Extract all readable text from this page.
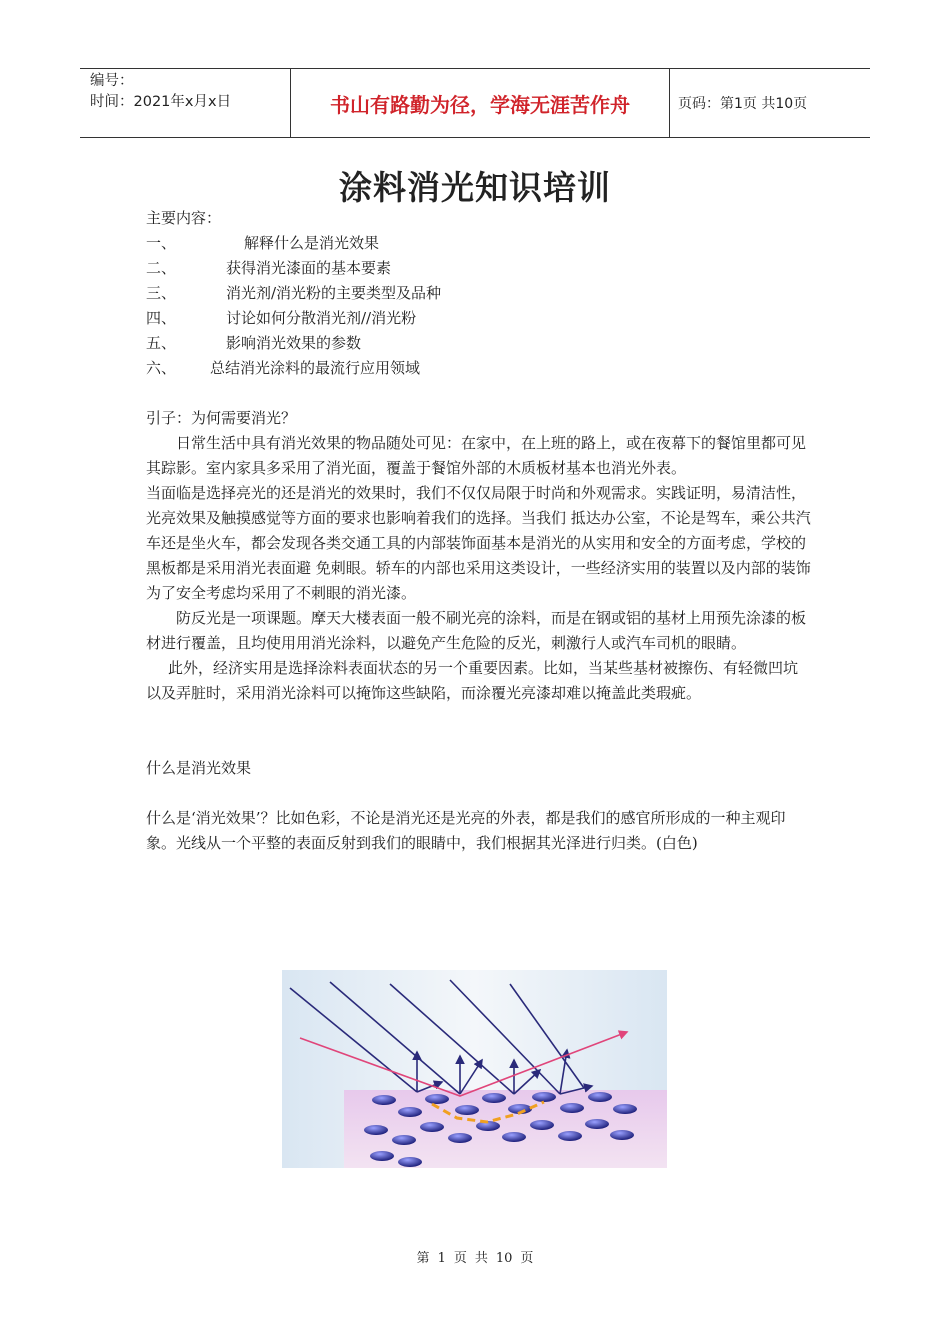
编号：
时间：2021年x月x日	书山有路勤为径，学海无涯苦作舟	页码：第1页 共10页
涂料消光知识培训

主要内容：

一、	解释什么是消光效果
二、	获得消光漆面的基本要素
三、	消光剂/消光粉的主要类型及品种
四、	讨论如何分散消光剂//消光粉
五、	影响消光效果的参数
六、	总结消光涂料的最流行应用领域

引子：为何需要消光？

日常生活中具有消光效果的物品随处可见：在家中，在上班的路上，或在夜幕下的餐馆里都可见其踪影。室内家具多采用了消光面，覆盖于餐馆外部的木质板材基本也消光外表。

当面临是选择亮光的还是消光的效果时，我们不仅仅局限于时尚和外观需求。实践证明，易清洁性，光亮效果及触摸感觉等方面的要求也影响着我们的选择。当我们 抵达办公室，不论是驾车，乘公共汽车还是坐火车，都会发现各类交通工具的内部装饰面基本是消光的从实用和安全的方面考虑，学校的黑板都是采用消光表面避 免刺眼。轿车的内部也采用这类设计，一些经济实用的装置以及内部的装饰为了安全考虑均采用了不刺眼的消光漆。

防反光是一项课题。摩天大楼表面一般不刷光亮的涂料，而是在钢或铝的基材上用预先涂漆的板材进行覆盖，且均使用用消光涂料，以避免产生危险的反光，刺激行人或汽车司机的眼睛。

此外，经济实用是选择涂料表面状态的另一个重要因素。比如，当某些基材被擦伤、有轻微凹坑以及弄脏时，采用消光涂料可以掩饰这些缺陷，而涂覆光亮漆却难以掩盖此类瑕疵。

什么是消光效果

什么是‘消光效果’？比如色彩，不论是消光还是光亮的外表，都是我们的感官所形成的一种主观印象。光线从一个平整的表面反射到我们的眼睛中，我们根据其光泽进行归类。(白色)

第 1 页 共 10 页
